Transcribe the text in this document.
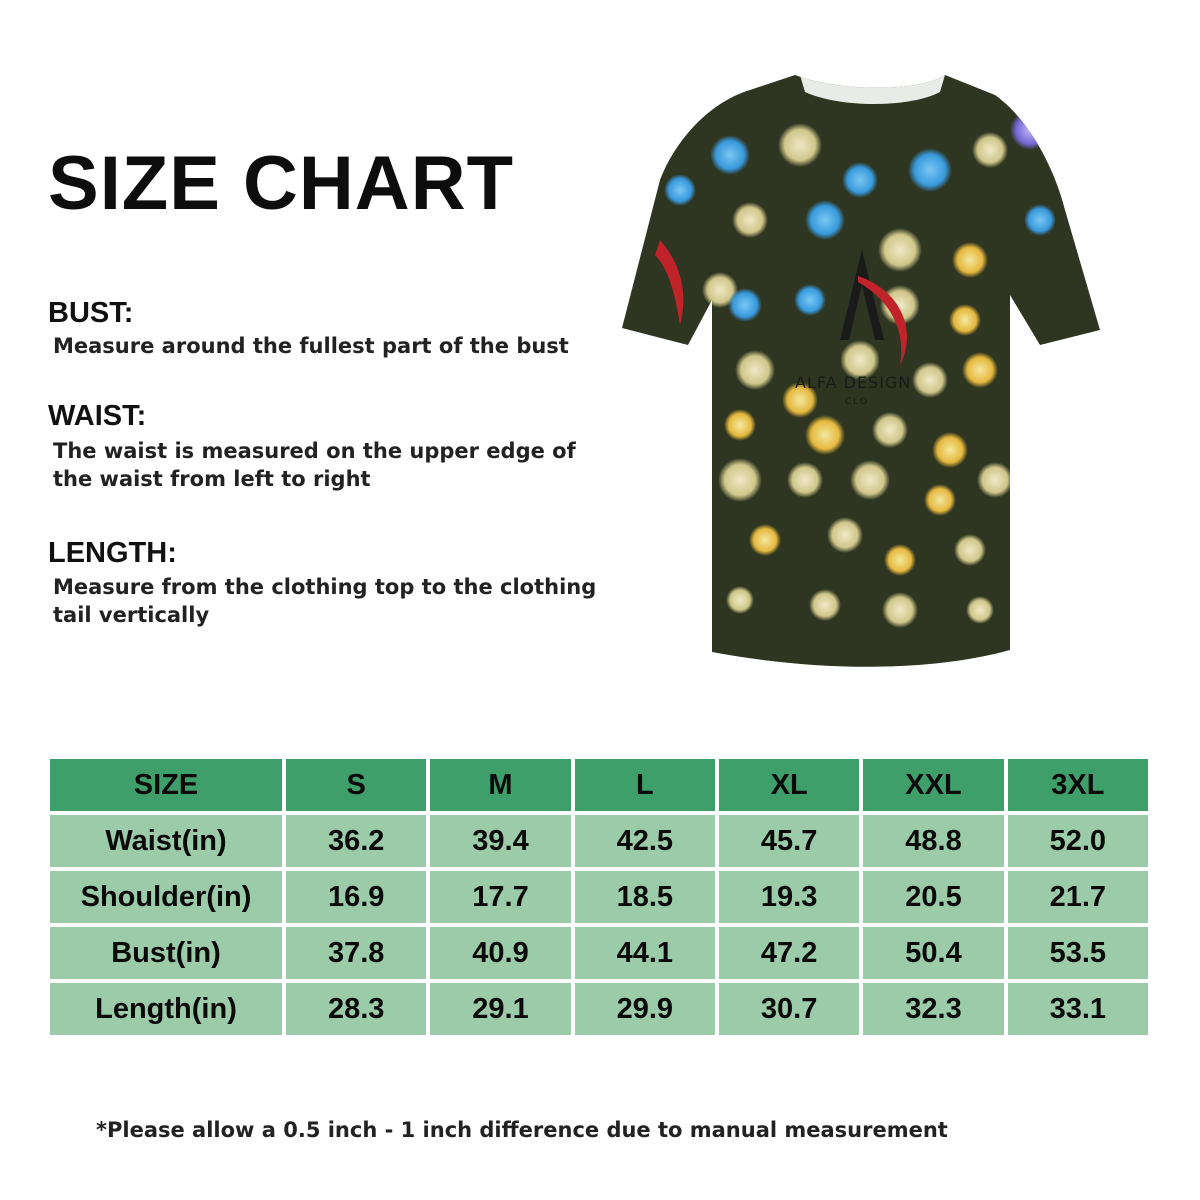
SIZE CHART
BUST:
Measure around the fullest part of the bust
WAIST:
The waist is measured on the upper edge of the waist from left to right
LENGTH:
Measure from the clothing top to the clothing tail vertically
ALFA DESIGN
CLO
SIZE	S	M	L	XL	XXL	3XL
Waist(in)	36.2	39.4	42.5	45.7	48.8	52.0
Shoulder(in)	16.9	17.7	18.5	19.3	20.5	21.7
Bust(in)	37.8	40.9	44.1	47.2	50.4	53.5
Length(in)	28.3	29.1	29.9	30.7	32.3	33.1
*Please allow a 0.5 inch - 1 inch difference due to manual measurement
